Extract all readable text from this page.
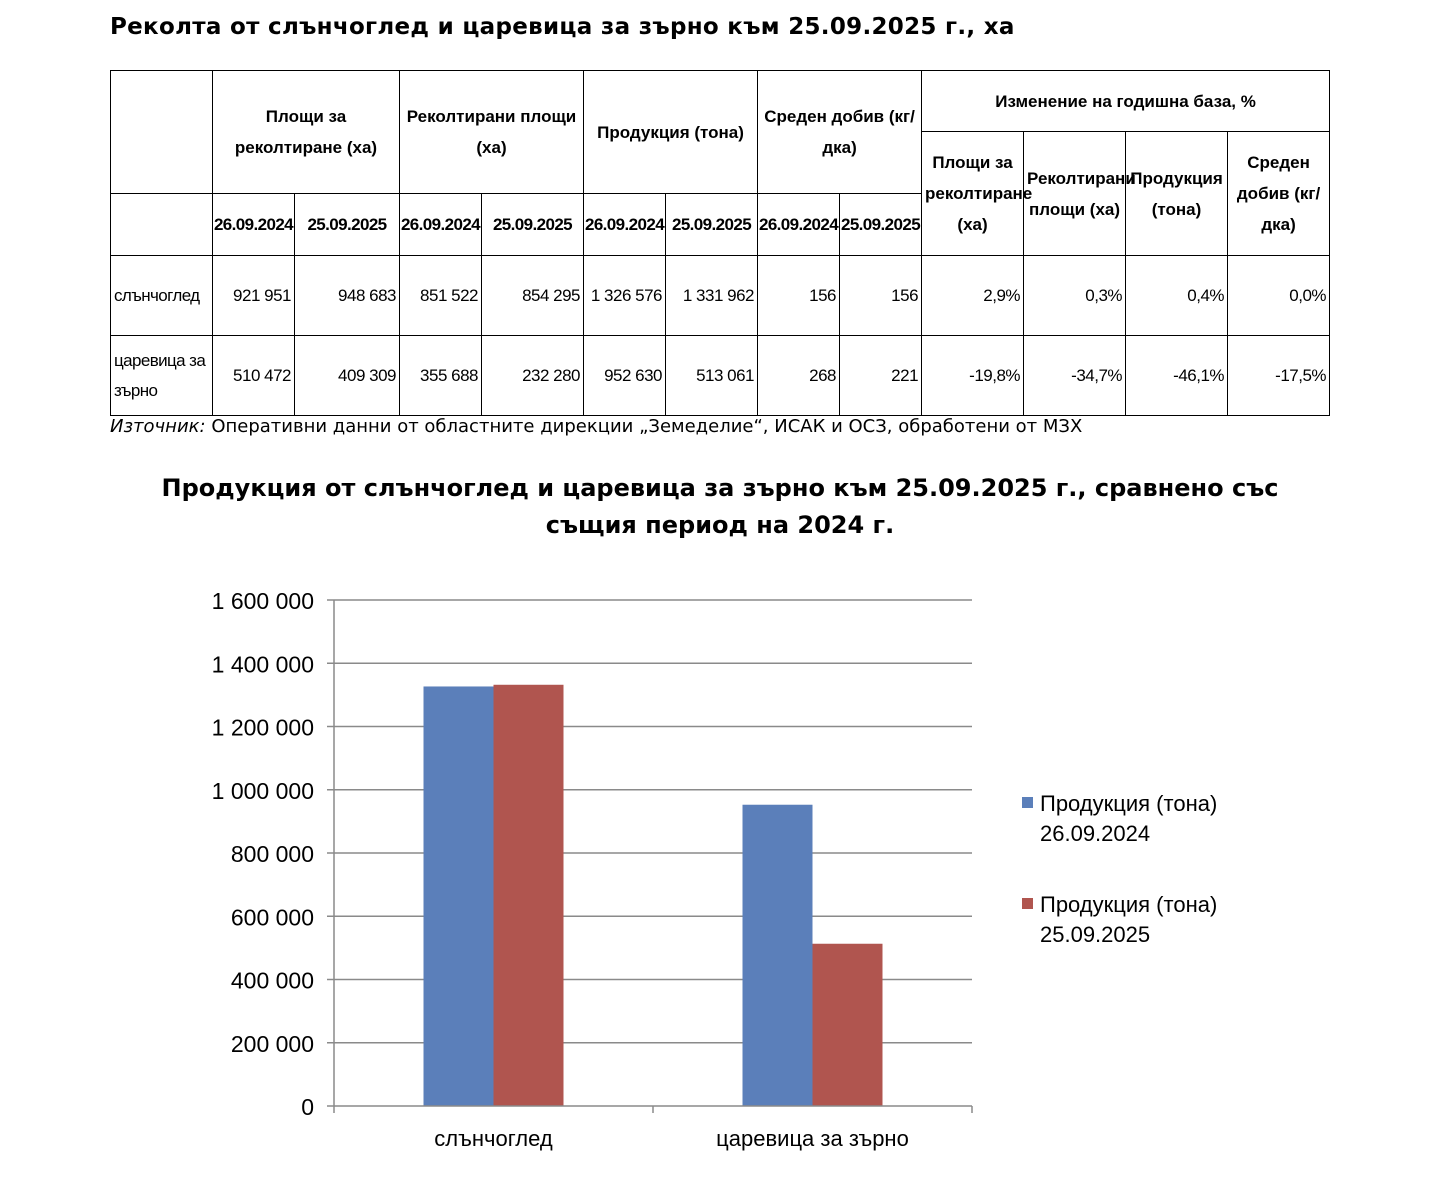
Реколта от слънчоглед и царевица за зърно към 25.09.2025 г., ха
	Площи за реколтиране (ха)		Реколтирани площи (ха)		Продукция (тона)		Среден добив (кг/дка)		Изменение на годишна база, %			
									Площи за реколтиране (ха)	Реколтирани площи (ха)	Продукция (тона)	Среден добив (кг/дка)
	26.09.2024	25.09.2025	26.09.2024	25.09.2025	26.09.2024	25.09.2025	26.09.2024	25.09.2025				
слънчоглед	921 951	948 683	851 522	854 295	1 326 576	1 331 962	156	156	2,9%	0,3%	0,4%	0,0%
царевица за зърно	510 472	409 309	355 688	232 280	952 630	513 061	268	221	-19,8%	-34,7%	-46,1%	-17,5%
Източник: Оперативни данни от областните дирекции „Земеделие“, ИСАК и ОСЗ, обработени от МЗХ
Продукция от слънчоглед и царевица за зърно към 25.09.2025 г., сравнено със
същия период на 2024 г.
0
200 000
400 000
600 000
800 000
1 000 000
1 200 000
1 400 000
1 600 000
слънчоглед	царевица за зърно
Продукция (тона)
26.09.2024
Продукция (тона)
25.09.2025
